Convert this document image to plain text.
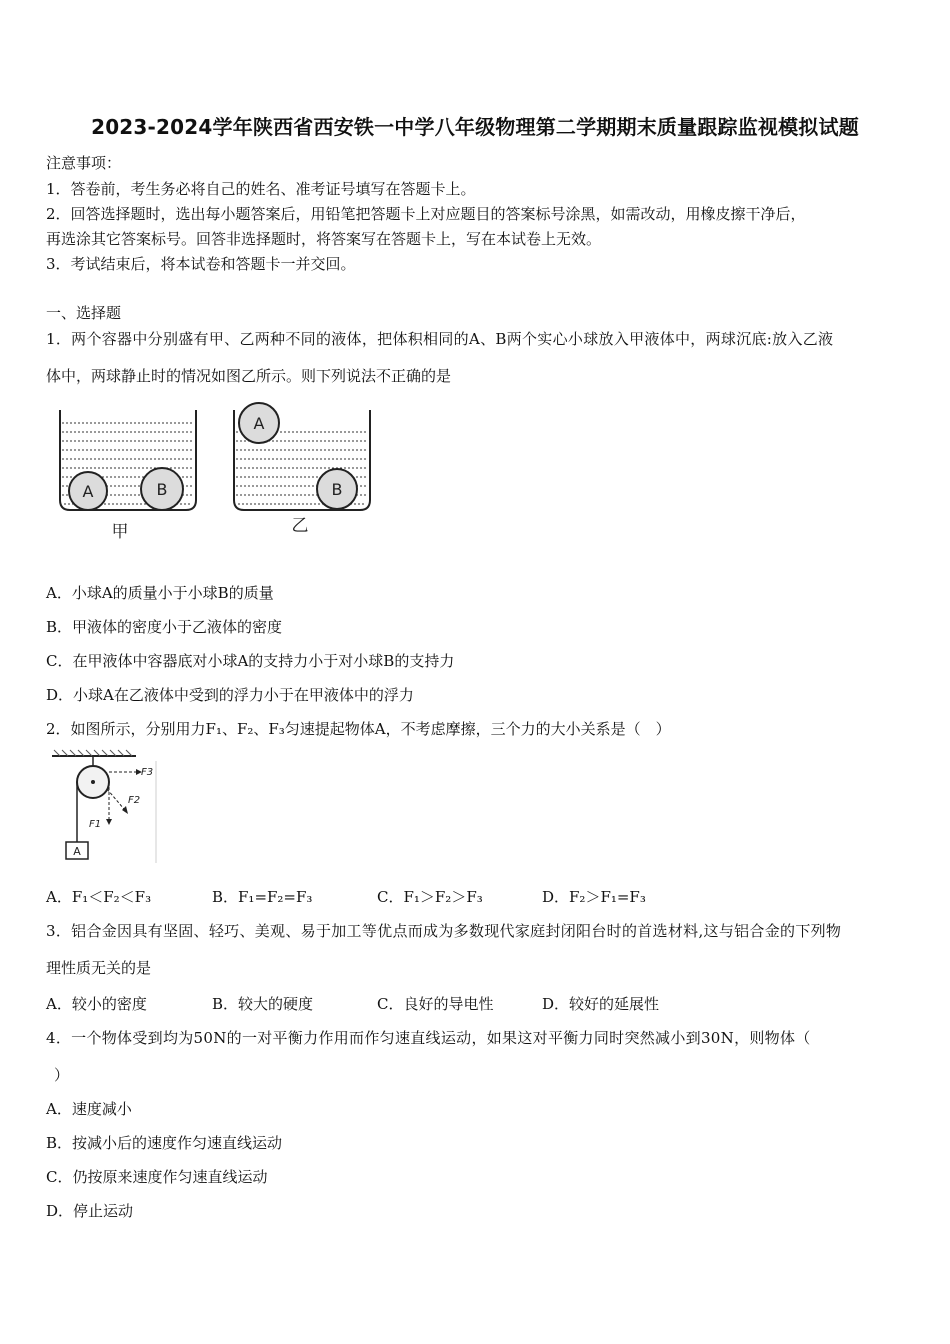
2023-2024学年陕西省西安铁一中学八年级物理第二学期期末质量跟踪监视模拟试题
注意事项：
1．答卷前，考生务必将自己的姓名、准考证号填写在答题卡上。
2．回答选择题时，选出每小题答案后，用铅笔把答题卡上对应题目的答案标号涂黑，如需改动，用橡皮擦干净后，
再选涂其它答案标号。回答非选择题时，将答案写在答题卡上，写在本试卷上无效。
3．考试结束后，将本试卷和答题卡一并交回。
一、选择题
1．两个容器中分别盛有甲、乙两种不同的液体，把体积相同的A、B两个实心小球放入甲液体中，两球沉底:放入乙液
体中，两球静止时的情况如图乙所示。则下列说法不正确的是
A	B
甲
A
B
乙
A．小球A的质量小于小球B的质量
B．甲液体的密度小于乙液体的密度
C．在甲液体中容器底对小球A的支持力小于对小球B的支持力
D．小球A在乙液体中受到的浮力小于在甲液体中的浮力
2．如图所示，分别用力F₁、F₂、F₃匀速提起物体A，不考虑摩擦，三个力的大小关系是（　）
A
F3
F2
F1
A．F₁＜F₂＜F₃	B．F₁=F₂=F₃	C．F₁＞F₂＞F₃	D．F₂＞F₁=F₃
3．铝合金因具有坚固、轻巧、美观、易于加工等优点而成为多数现代家庭封闭阳台时的首选材料,这与铝合金的下列物
理性质无关的是
A．较小的密度	B．较大的硬度	C．良好的导电性	D．较好的延展性
4．一个物体受到均为50N的一对平衡力作用而作匀速直线运动，如果这对平衡力同时突然减小到30N，则物体（
）
A．速度减小
B．按减小后的速度作匀速直线运动
C．仍按原来速度作匀速直线运动
D．停止运动
